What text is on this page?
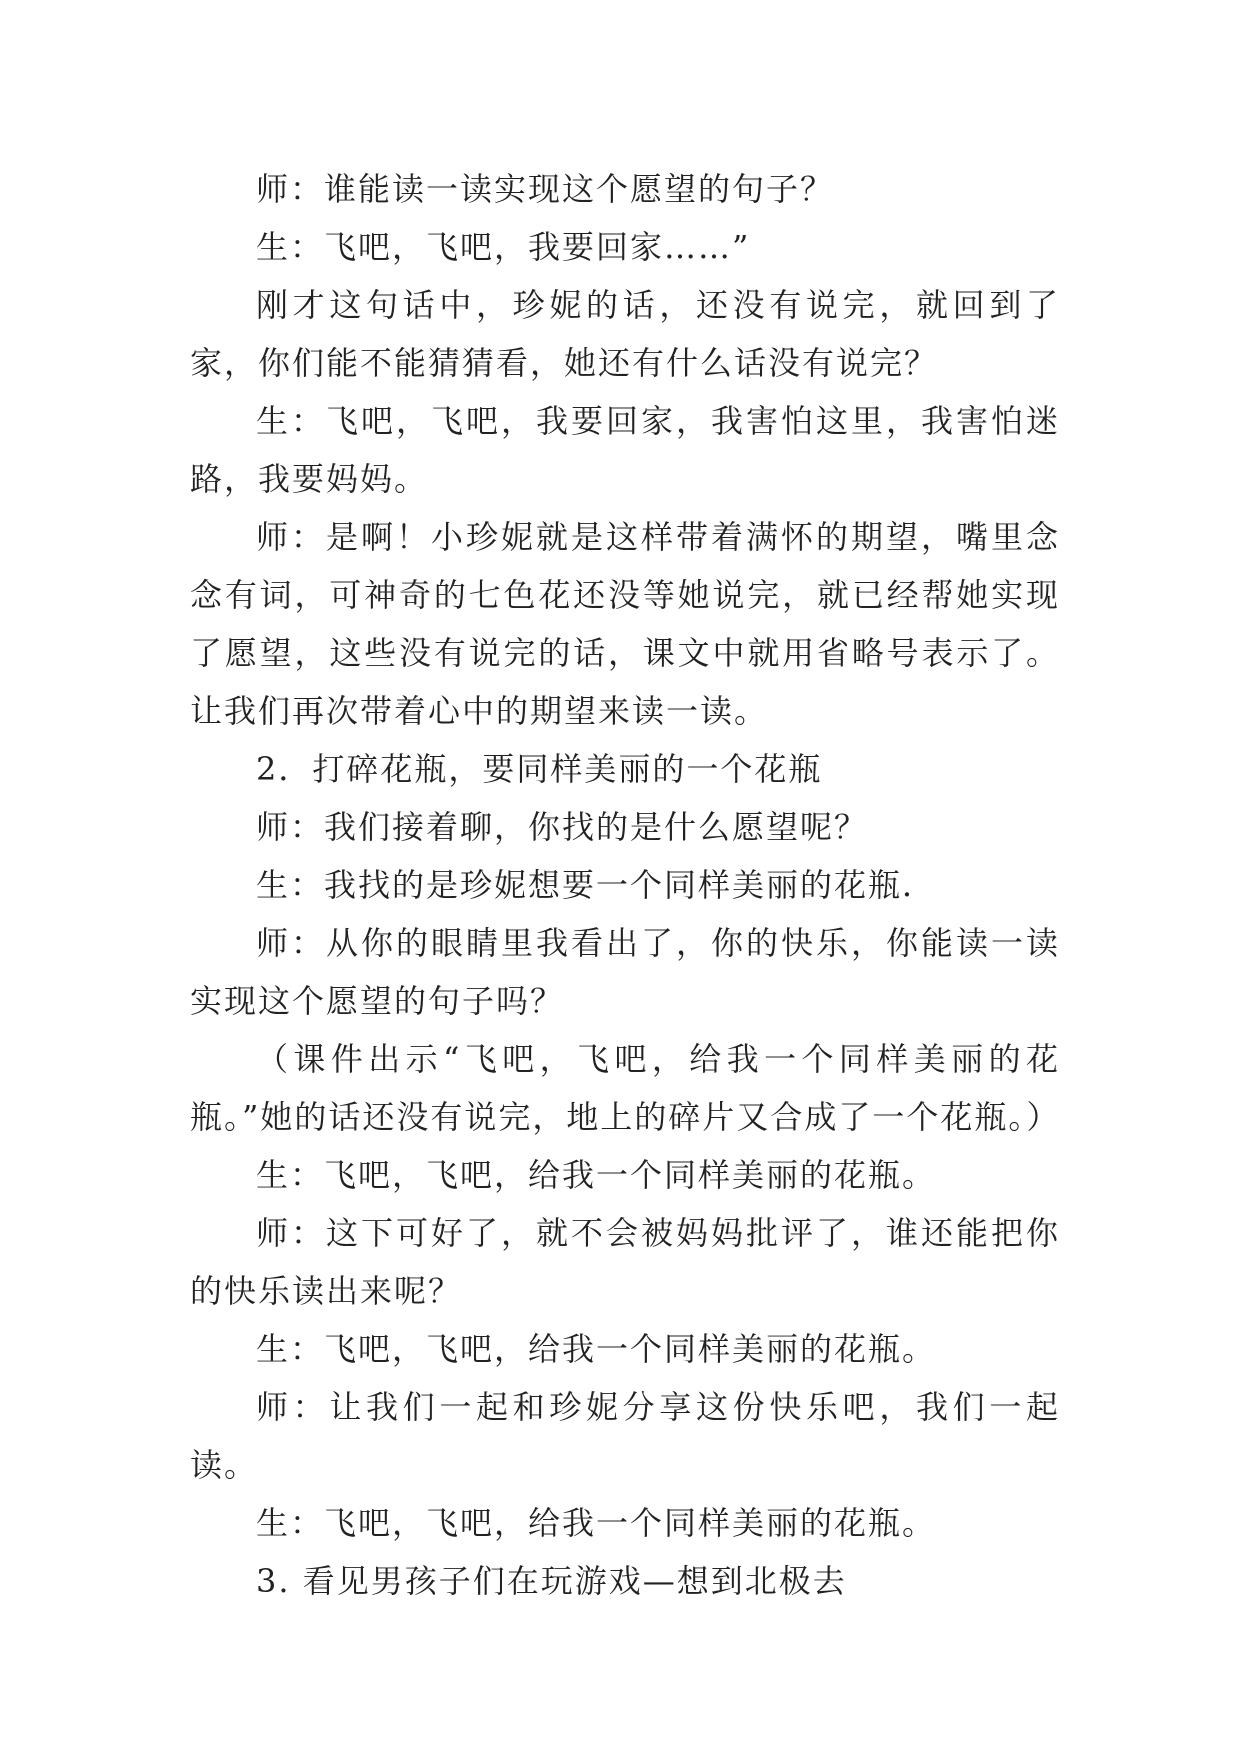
师：谁能读一读实现这个愿望的句子？

生：飞吧，飞吧，我要回家……”

刚才这句话中，珍妮的话，还没有说完，就回到了家，你们能不能猜猜看，她还有什么话没有说完？

生：飞吧，飞吧，我要回家，我害怕这里，我害怕迷路，我要妈妈。

师：是啊！小珍妮就是这样带着满怀的期望，嘴里念念有词，可神奇的七色花还没等她说完，就已经帮她实现了愿望，这些没有说完的话，课文中就用省略号表示了。让我们再次带着心中的期望来读一读。

2．打碎花瓶，要同样美丽的一个花瓶

师：我们接着聊，你找的是什么愿望呢？

生：我找的是珍妮想要一个同样美丽的花瓶．

师：从你的眼睛里我看出了，你的快乐，你能读一读实现这个愿望的句子吗？

（课件出示“飞吧，飞吧，给我一个同样美丽的花瓶。”她的话还没有说完，地上的碎片又合成了一个花瓶。）

生：飞吧，飞吧，给我一个同样美丽的花瓶。

师：这下可好了，就不会被妈妈批评了，谁还能把你的快乐读出来呢？

生：飞吧，飞吧，给我一个同样美丽的花瓶。

师：让我们一起和珍妮分享这份快乐吧，我们一起读。

生：飞吧，飞吧，给我一个同样美丽的花瓶。

3. 看见男孩子们在玩游戏—想到北极去
